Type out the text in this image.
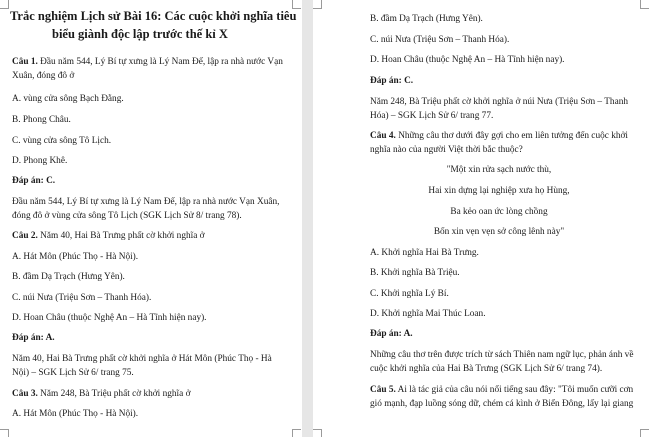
Trắc nghiệm Lịch sử Bài 16: Các cuộc khởi nghĩa tiêu
biểu giành độc lập trước thế kỉ X
Câu 1. Đầu năm 544, Lý Bí tự xưng là Lý Nam Đế, lập ra nhà nước Vạn
Xuân, đóng đô ở
A. vùng cửa sông Bạch Đằng.
B. Phong Châu.
C. vùng cửa sông Tô Lịch.
D. Phong Khê.
Đáp án: C.
Đầu năm 544, Lý Bí tự xưng là Lý Nam Đế, lập ra nhà nước Vạn Xuân,
đóng đô ở vùng cửa sông Tô Lịch (SGK Lịch Sử 8/ trang 78).
Câu 2. Năm 40, Hai Bà Trưng phất cờ khởi nghĩa ở
A. Hát Môn (Phúc Thọ - Hà Nội).
B. đầm Dạ Trạch (Hưng Yên).
C. núi Nưa (Triệu Sơn – Thanh Hóa).
D. Hoan Châu (thuộc Nghệ An – Hà Tĩnh hiện nay).
Đáp án: A.
Năm 40, Hai Bà Trưng phất cờ khởi nghĩa ở Hát Môn (Phúc Thọ - Hà
Nội) – SGK Lịch Sử 6/ trang 75.
Câu 3. Năm 248, Bà Triệu phất cờ khởi nghĩa ở
A. Hát Môn (Phúc Thọ - Hà Nội).
B. đầm Dạ Trạch (Hưng Yên).
C. núi Nưa (Triệu Sơn – Thanh Hóa).
D. Hoan Châu (thuộc Nghệ An – Hà Tĩnh hiện nay).
Đáp án: C.
Năm 248, Bà Triệu phất cờ khởi nghĩa ở núi Nưa (Triệu Sơn – Thanh
Hóa) – SGK Lịch Sử 6/ trang 77.
Câu 4. Những câu thơ dưới đây gợi cho em liên tưởng đến cuộc khởi
nghĩa nào của người Việt thời bắc thuộc?
"Một xin rửa sạch nước thù,
Hai xin dựng lại nghiệp xưa họ Hùng,
Ba kẻo oan ức lòng chồng
Bốn xin vẹn vẹn sở công lênh này"
A. Khởi nghĩa Hai Bà Trưng.
B. Khởi nghĩa Bà Triệu.
C. Khởi nghĩa Lý Bí.
D. Khởi nghĩa Mai Thúc Loan.
Đáp án: A.
Những câu thơ trên được trích từ sách Thiên nam ngữ lục, phản ánh về
cuộc khởi nghĩa của Hai Bà Trưng (SGK Lịch Sử 6/ trang 74).
Câu 5. Ai là tác giả của câu nói nổi tiếng sau đây: "Tôi muốn cưỡi cơn
gió mạnh, đạp luồng sóng dữ, chém cá kình ở Biển Đông, lấy lại giang
